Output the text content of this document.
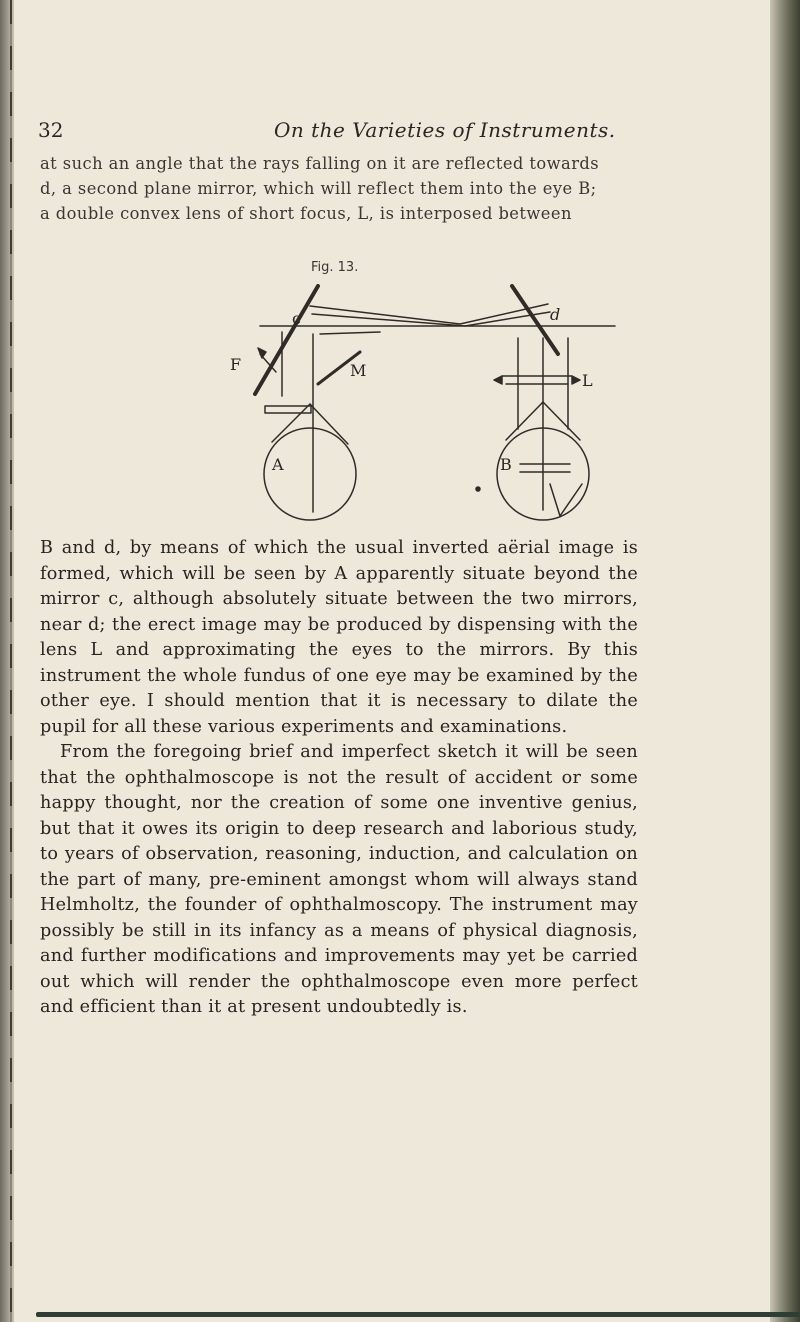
32	On the Varieties of Instruments.
at such an angle that the rays falling on it are reflected towards
d, a second plane mirror, which will reflect them into the eye B;
a double convex lens of short focus, L, is interposed between
Fig. 13.
c	d
F	M
L
A	B

B and d, by means of which the usual inverted aërial image is formed, which will be seen by A apparently situate beyond the mirror c, although absolutely situate between the two mirrors, near d; the erect image may be produced by dispensing with the lens L and approximating the eyes to the mirrors. By this instrument the whole fundus of one eye may be examined by the other eye. I should mention that it is necessary to dilate the pupil for all these various experiments and examinations.

From the foregoing brief and imperfect sketch it will be seen that the ophthalmoscope is not the result of accident or some happy thought, nor the creation of some one inventive genius, but that it owes its origin to deep research and laborious study, to years of observation, reasoning, induction, and calculation on the part of many, pre-eminent amongst whom will always stand Helmholtz, the founder of ophthalmoscopy. The instrument may possibly be still in its infancy as a means of physical diagnosis, and further modifications and improvements may yet be carried out which will render the ophthalmoscope even more perfect and efficient than it at present undoubtedly is.
